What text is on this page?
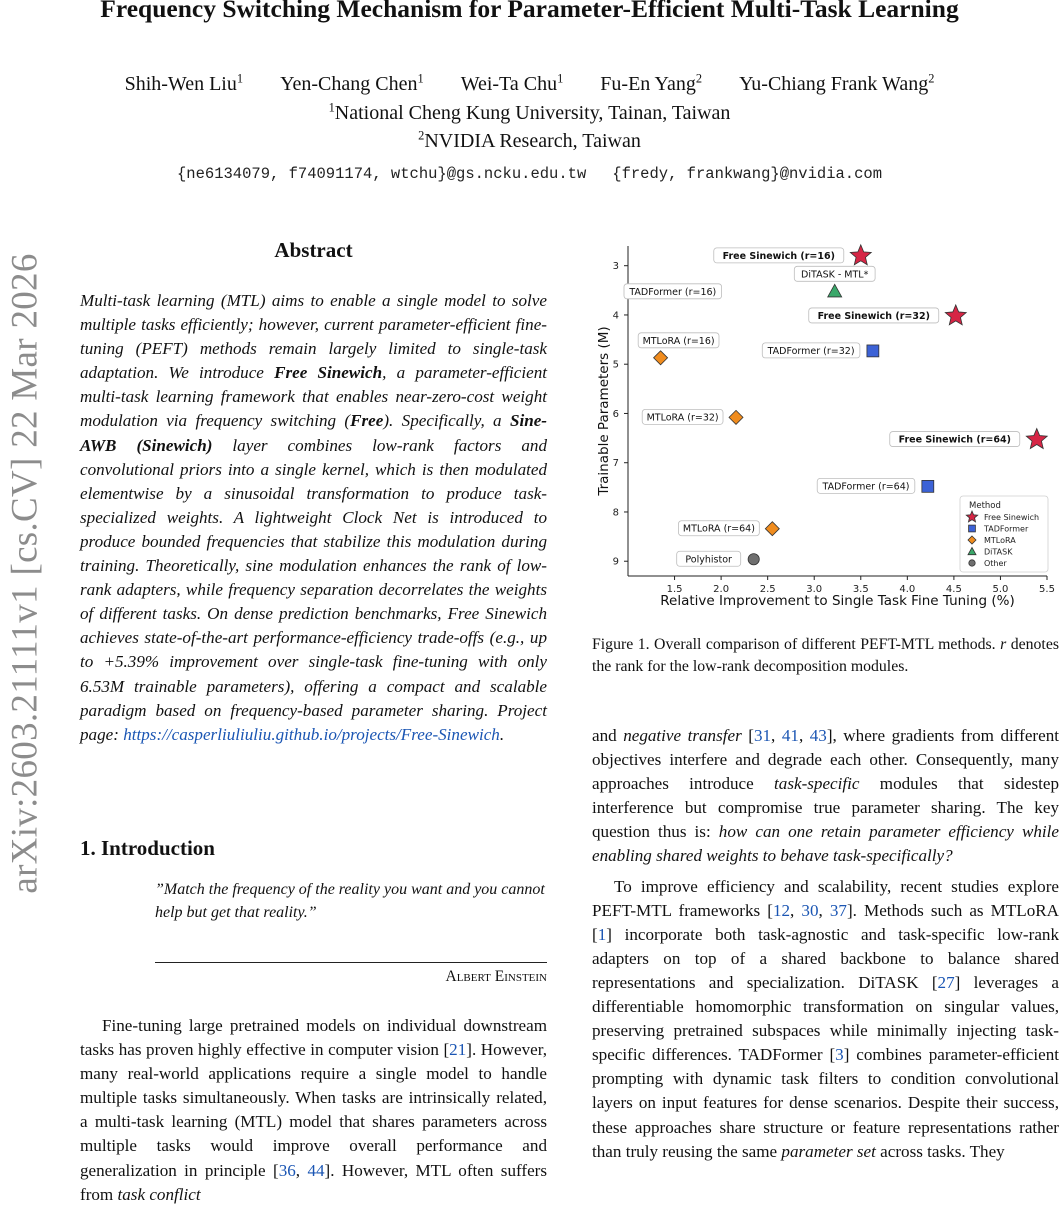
Frequency Switching Mechanism for Parameter-Efficient Multi-Task Learning
Shih-Wen Liu$^1$ Yen-Chang Chen$^1$ Wei-Ta Chu$^1$ Fu-En Yang$^2$ Yu-Chiang Frank Wang$^2$
$^1$National Cheng Kung University, Tainan, Taiwan
$^2$NVIDIA Research, Taiwan
{ne6134079, f74091174, wtchu}@gs.ncku.edu.tw {fredy, frankwang}@nvidia.com
arXiv:2603.21111v1 [cs.CV] 22 Mar 2026
Abstract

Multi-task learning (MTL) aims to enable a single model to solve multiple tasks efficiently; however, current parameter-efficient fine-tuning (PEFT) methods remain largely limited to single-task adaptation. We introduce Free Sinewich, a parameter-efficient multi-task learning framework that enables near-zero-cost weight modulation via frequency switching (Free). Specifically, a Sine-AWB (Sinewich) layer combines low-rank factors and convolutional priors into a single kernel, which is then modulated elementwise by a sinusoidal transformation to produce task-specialized weights. A lightweight Clock Net is introduced to produce bounded frequencies that stabilize this modulation during training. Theoretically, sine modulation enhances the rank of low-rank adapters, while frequency separation decorrelates the weights of different tasks. On dense prediction benchmarks, Free Sinewich achieves state-of-the-art performance-efficiency trade-offs (e.g., up to +5.39% improvement over single-task fine-tuning with only 6.53M trainable parameters), offering a compact and scalable paradigm based on frequency-based parameter sharing. Project page: https://casperliuliuliu.github.io/projects/Free-Sinewich.

1. Introduction
”Match the frequency of the reality you want and you cannot help but get that reality.”
Albert Einstein

Fine-tuning large pretrained models on individual downstream tasks has proven highly effective in computer vision [21]. However, many real-world applications require a single model to handle multiple tasks simultaneously. When tasks are intrinsically related, a multi-task learning (MTL) model that shares parameters across multiple tasks would improve overall performance and generalization in principle [36, 44]. However, MTL often suffers from task conflict

1.5	2.0	2.5	3.0	3.5	4.0	4.5	5.0	5.5
3
4
5
6
7
8
9
Relative Improvement to Single Task Fine Tuning (%)
Trainable Parameters (M)
Free Sinewich (r=16)
Free Sinewich (r=32)
Free Sinewich (r=64)
TADFormer (r=16)
TADFormer (r=32)
TADFormer (r=64)
MTLoRA (r=16)
MTLoRA (r=32)
MTLoRA (r=64)
DiTASK - MTL*
Polyhistor
Method
Free Sinewich
TADFormer
MTLoRA
DiTASK
Other
Figure 1. Overall comparison of different PEFT-MTL methods. r denotes the rank for the low-rank decomposition modules.

and negative transfer [31, 41, 43], where gradients from different objectives interfere and degrade each other. Consequently, many approaches introduce task-specific modules that sidestep interference but compromise true parameter sharing. The key question thus is: how can one retain parameter efficiency while enabling shared weights to behave task-specifically?

To improve efficiency and scalability, recent studies explore PEFT-MTL frameworks [12, 30, 37]. Methods such as MTLoRA [1] incorporate both task-agnostic and task-specific low-rank adapters on top of a shared backbone to balance shared representations and specialization. DiTASK [27] leverages a differentiable homomorphic transformation on singular values, preserving pretrained subspaces while minimally injecting task-specific differences. TADFormer [3] combines parameter-efficient prompting with dynamic task filters to condition convolutional layers on input features for dense scenarios. Despite their success, these approaches share structure or feature representations rather than truly reusing the same parameter set across tasks. They
